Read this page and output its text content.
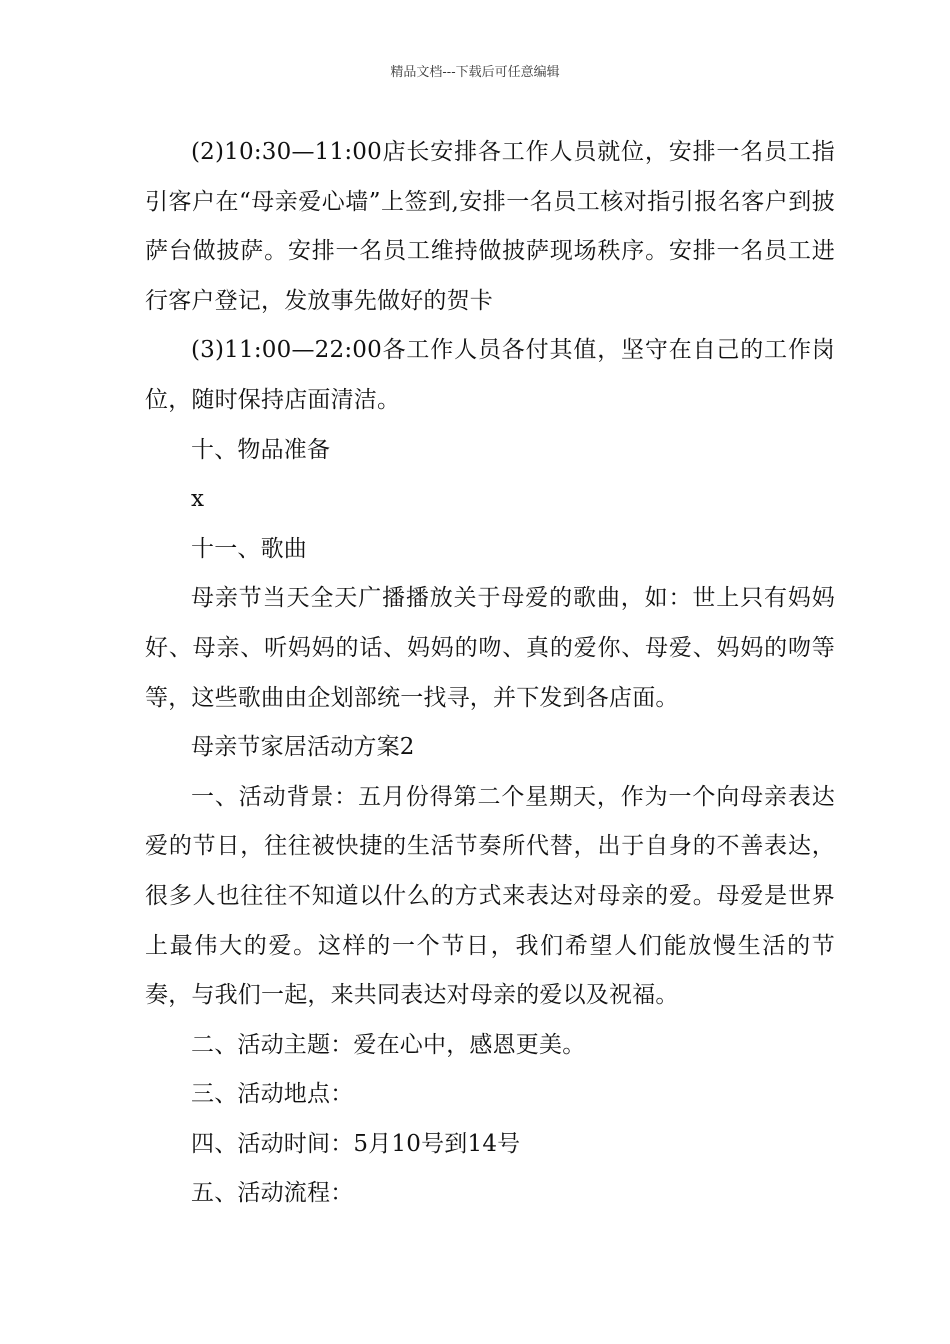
精品文档---下载后可任意编辑

(2)10:30—11:00店长安排各工作人员就位，安排一名员工指引客户在“母亲爱心墙”上签到,安排一名员工核对指引报名客户到披萨台做披萨。安排一名员工维持做披萨现场秩序。安排一名员工进行客户登记，发放事先做好的贺卡

(3)11:00—22:00各工作人员各付其值，坚守在自己的工作岗位，随时保持店面清洁。

十、物品准备

x

十一、歌曲

母亲节当天全天广播播放关于母爱的歌曲，如：世上只有妈妈好、母亲、听妈妈的话、妈妈的吻、真的爱你、母爱、妈妈的吻等等，这些歌曲由企划部统一找寻，并下发到各店面。

母亲节家居活动方案2

一、活动背景：五月份得第二个星期天，作为一个向母亲表达爱的节日，往往被快捷的生活节奏所代替，出于自身的不善表达，很多人也往往不知道以什么的方式来表达对母亲的爱。母爱是世界上最伟大的爱。这样的一个节日，我们希望人们能放慢生活的节奏，与我们一起，来共同表达对母亲的爱以及祝福。

二、活动主题：爱在心中，感恩更美。

三、活动地点：

四、活动时间：5月10号到14号

五、活动流程：
